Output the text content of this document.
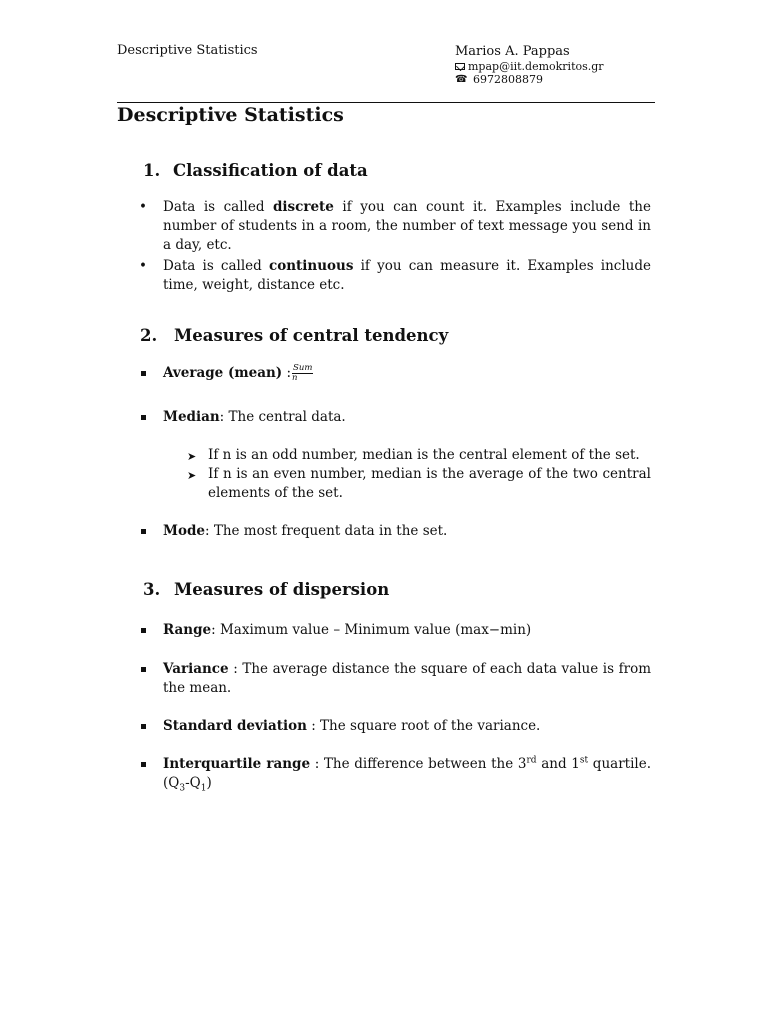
Descriptive Statistics	Marios A. Pappas
mpap@iit.demokritos.gr
☎ 6972808879
Descriptive Statistics
1. Classification of data
•
Data is called discrete if you can count it. Examples include the number of students in a room, the number of text message you send in a day, etc.
•
Data is called continuous if you can measure it. Examples include time, weight, distance etc.
2. Measures of central tendency
Average (mean) : $\frac{\text{Sum}}{n}$
Median: The central data.
➤ If n is an odd number, median is the central element of the set.
➤ If n is an even number, median is the average of the two central elements of the set.
Mode: The most frequent data in the set.
3. Measures of dispersion
Range: Maximum value – Minimum value (max−min)
Variance : The average distance the square of each data value is from the mean.
Standard deviation : The square root of the variance.
Interquartile range : The difference between the 3rd and 1st quartile. $(Q_3-Q_1)$
